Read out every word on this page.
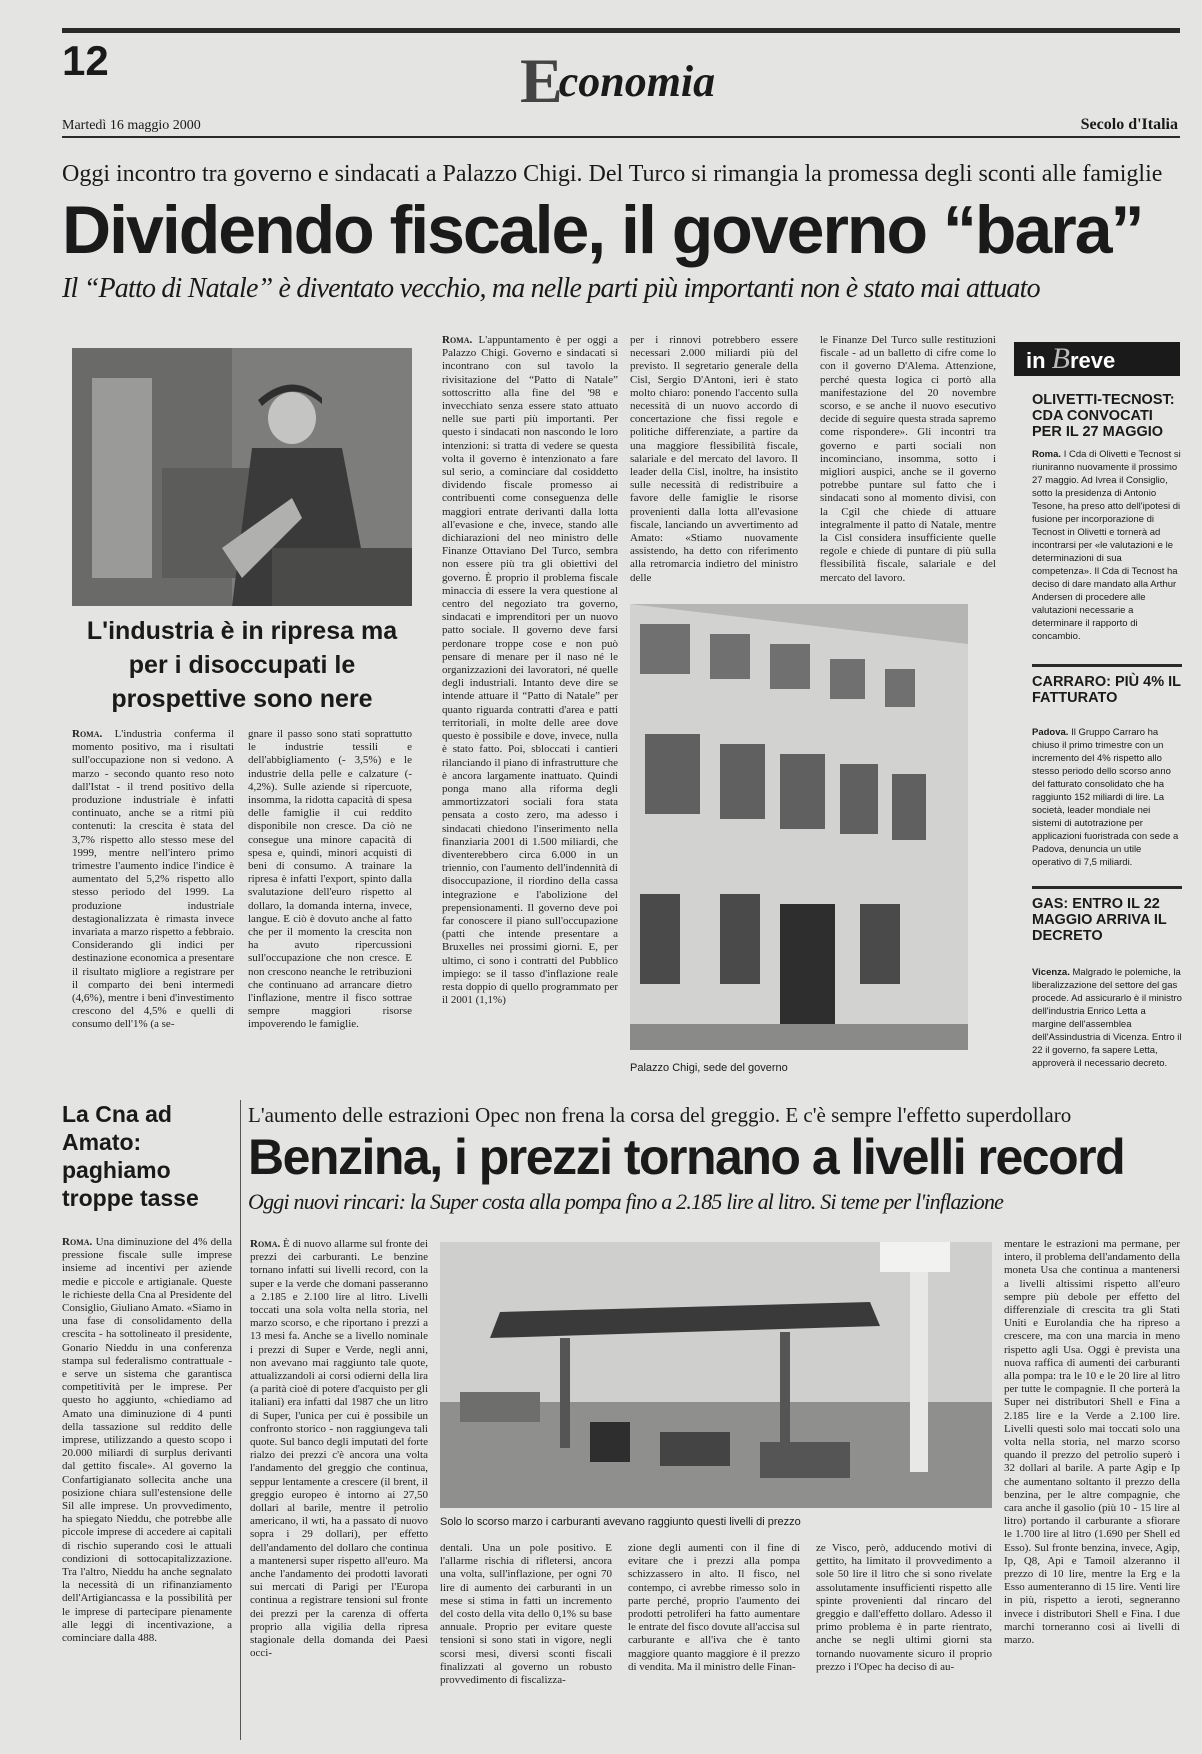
12	Economia
Martedì 16 maggio 2000	Secolo d'Italia
Oggi incontro tra governo e sindacati a Palazzo Chigi. Del Turco si rimangia la promessa degli sconti alle famiglie
Dividendo fiscale, il governo “bara”
Il “Patto di Natale” è diventato vecchio, ma nelle parti più importanti non è stato mai attuato
L'industria è in ripresa ma per i disoccupati le prospettive sono nere
Roma. L'industria conferma il momento positivo, ma i risultati sull'occupazione non si vedono. A marzo - secondo quanto reso noto dall'Istat - il trend positivo della produzione industriale è infatti continuato, anche se a ritmi più contenuti: la crescita è stata del 3,7% rispetto allo stesso mese del 1999, mentre nell'intero primo trimestre l'aumento indice l'indice è aumentato del 5,2% rispetto allo stesso periodo del 1999. La produzione industriale destagionalizzata è rimasta invece invariata a marzo rispetto a febbraio. Considerando gli indici per destinazione economica a presentare il risultato migliore a registrare per il comparto dei beni intermedi (4,6%), mentre i beni d'investimento crescono del 4,5% e quelli di consumo dell'1% (a se-
gnare il passo sono stati soprattutto le industrie tessili e dell'abbigliamento (- 3,5%) e le industrie della pelle e calzature (- 4,2%). Sulle aziende si ripercuote, insomma, la ridotta capacità di spesa delle famiglie il cui reddito disponibile non cresce. Da ciò ne consegue una minore capacità di spesa e, quindi, minori acquisti di beni di consumo. A trainare la ripresa è infatti l'export, spinto dalla svalutazione dell'euro rispetto al dollaro, la domanda interna, invece, langue. E ciò è dovuto anche al fatto che per il momento la crescita non ha avuto ripercussioni sull'occupazione che non cresce. E non crescono neanche le retribuzioni che continuano ad arrancare dietro l'inflazione, mentre il fisco sottrae sempre maggiori risorse impoverendo le famiglie.
Roma. L'appuntamento è per oggi a Palazzo Chigi. Governo e sindacati si incontrano con sul tavolo la rivisitazione del “Patto di Natale” sottoscritto alla fine del '98 e invecchiato senza essere stato attuato nelle sue parti più importanti. Per questo i sindacati non nascondo le loro intenzioni: si tratta di vedere se questa volta il governo è intenzionato a fare sul serio, a cominciare dal cosiddetto dividendo fiscale promesso ai contribuenti come conseguenza delle maggiori entrate derivanti dalla lotta all'evasione e che, invece, stando alle dichiarazioni del neo ministro delle Finanze Ottaviano Del Turco, sembra non essere più tra gli obiettivi del governo. È proprio il problema fiscale minaccia di essere la vera questione al centro del negoziato tra governo, sindacati e imprenditori per un nuovo patto sociale. Il governo deve farsi perdonare troppe cose e non può pensare di menare per il naso né le organizzazioni dei lavoratori, né quelle degli industriali. Intanto deve dire se intende attuare il “Patto di Natale” per quanto riguarda contratti d'area e patti territoriali, in molte delle aree dove questo è possibile e dove, invece, nulla è stato fatto. Poi, sbloccati i cantieri rilanciando il piano di infrastrutture che è ancora largamente inattuato. Quindi ponga mano alla riforma degli ammortizzatori sociali fora stata pensata a costo zero, ma adesso i sindacati chiedono l'inserimento nella finanziaria 2001 di 1.500 miliardi, che diventerebbero circa 6.000 in un triennio, con l'aumento dell'indennità di disoccupazione, il riordino della cassa integrazione e l'abolizione del prepensionamenti. Il governo deve poi far conoscere il piano sull'occupazione (patti che intende presentare a Bruxelles nei prossimi giorni. E, per ultimo, ci sono i contratti del Pubblico impiego: se il tasso d'inflazione reale resta doppio di quello programmato per il 2001 (1,1%)
per i rinnovi potrebbero essere necessari 2.000 miliardi più del previsto. Il segretario generale della Cisl, Sergio D'Antoni, ieri è stato molto chiaro: ponendo l'accento sulla necessità di un nuovo accordo di concertazione che fissi regole e politiche differenziate, a partire da una maggiore flessibilità fiscale, salariale e del mercato del lavoro. Il leader della Cisl, inoltre, ha insistito sulle necessità di redistribuire a favore delle famiglie le risorse provenienti dalla lotta all'evasione fiscale, lanciando un avvertimento ad Amato: «Stiamo nuovamente assistendo, ha detto con riferimento alla retromarcia indietro del ministro delle
le Finanze Del Turco sulle restituzioni fiscale - ad un balletto di cifre come lo con il governo D'Alema. Attenzione, perché questa logica ci portò alla manifestazione del 20 novembre scorso, e se anche il nuovo esecutivo decide di seguire questa strada sapremo come rispondere». Gli incontri tra governo e parti sociali non incominciano, insomma, sotto i migliori auspici, anche se il governo potrebbe puntare sul fatto che i sindacati sono al momento divisi, con la Cgil che chiede di attuare integralmente il patto di Natale, mentre la Cisl considera insufficiente quelle regole e chiede di puntare di più sulla flessibilità fiscale, salariale e del mercato del lavoro.
Palazzo Chigi, sede del governo
in Breve
OLIVETTI-TECNOST: CDA CONVOCATI PER IL 27 MAGGIO
Roma. I Cda di Olivetti e Tecnost si riuniranno nuovamente il prossimo 27 maggio. Ad Ivrea il Consiglio, sotto la presidenza di Antonio Tesone, ha preso atto dell'ipotesi di fusione per incorporazione di Tecnost in Olivetti e tornerà ad incontrarsi per «le valutazioni e le determinazioni di sua competenza». Il Cda di Tecnost ha deciso di dare mandato alla Arthur Andersen di procedere alle valutazioni necessarie a determinare il rapporto di concambio.
CARRARO: PIÙ 4% IL FATTURATO
Padova. Il Gruppo Carraro ha chiuso il primo trimestre con un incremento del 4% rispetto allo stesso periodo dello scorso anno del fatturato consolidato che ha raggiunto 152 miliardi di lire. La società, leader mondiale nei sistemi di autotrazione per applicazioni fuoristrada con sede a Padova, denuncia un utile operativo di 7,5 miliardi.
GAS: ENTRO IL 22 MAGGIO ARRIVA IL DECRETO
Vicenza. Malgrado le polemiche, la liberalizzazione del settore del gas procede. Ad assicurarlo è il ministro dell'industria Enrico Letta a margine dell'assemblea dell'Assindustria di Vicenza. Entro il 22 il governo, fa sapere Letta, approverà il necessario decreto.
La Cna ad Amato: paghiamo troppe tasse
Roma. Una diminuzione del 4% della pressione fiscale sulle imprese insieme ad incentivi per aziende medie e piccole e artigianale. Queste le richieste della Cna al Presidente del Consiglio, Giuliano Amato. «Siamo in una fase di consolidamento della crescita - ha sottolineato il presidente, Gonario Nieddu in una conferenza stampa sul federalismo contrattuale - e serve un sistema che garantisca competitività per le imprese. Per questo ho aggiunto, «chiediamo ad Amato una diminuzione di 4 punti della tassazione sul reddito delle imprese, utilizzando a questo scopo i 20.000 miliardi di surplus derivanti dal gettito fiscale». Al governo la Confartigianato sollecita anche una posizione chiara sull'estensione delle Sil alle imprese. Un provvedimento, ha spiegato Nieddu, che potrebbe alle piccole imprese di accedere ai capitali di rischio superando così le attuali condizioni di sottocapitalizzazione. Tra l'altro, Nieddu ha anche segnalato la necessità di un rifinanziamento dell'Artigiancassa e la possibilità per le imprese di partecipare pienamente alle leggi di incentivazione, a cominciare dalla 488.
L'aumento delle estrazioni Opec non frena la corsa del greggio. E c'è sempre l'effetto superdollaro
Benzina, i prezzi tornano a livelli record
Oggi nuovi rincari: la Super costa alla pompa fino a 2.185 lire al litro. Si teme per l'inflazione
Roma. È di nuovo allarme sul fronte dei prezzi dei carburanti. Le benzine tornano infatti sui livelli record, con la super e la verde che domani passeranno a 2.185 e 2.100 lire al litro. Livelli toccati una sola volta nella storia, nel marzo scorso, e che riportano i prezzi a 13 mesi fa. Anche se a livello nominale i prezzi di Super e Verde, negli anni, non avevano mai raggiunto tale quote, attualizzandoli ai corsi odierni della lira (a parità cioè di potere d'acquisto per gli italiani) era infatti dal 1987 che un litro di Super, l'unica per cui è possibile un confronto storico - non raggiungeva tali quote. Sul banco degli imputati del forte rialzo dei prezzi c'è ancora una volta l'andamento del greggio che continua, seppur lentamente a crescere (il brent, il greggio europeo è intorno ai 27,50 dollari al barile, mentre il petrolio americano, il wti, ha a passato di nuovo sopra i 29 dollari), per effetto dell'andamento del dollaro che continua a mantenersi super rispetto all'euro. Ma anche l'andamento dei prodotti lavorati sui mercati di Parigi per l'Europa continua a registrare tensioni sul fronte dei prezzi per la carenza di offerta proprio alla vigilia della ripresa stagionale della domanda dei Paesi occi-
Solo lo scorso marzo i carburanti avevano raggiunto questi livelli di prezzo
dentali. Una un pole positivo. E l'allarme rischia di rifletersi, ancora una volta, sull'inflazione, per ogni 70 lire di aumento dei carburanti in un mese si stima in fatti un incremento del costo della vita dello 0,1% su base annuale. Proprio per evitare queste tensioni si sono stati in vigore, negli scorsi mesi, diversi sconti fiscali finalizzati al governo un robusto provvedimento di fiscalizza-
zione degli aumenti con il fine di evitare che i prezzi alla pompa schizzassero in alto. Il fisco, nel contempo, ci avrebbe rimesso solo in parte perché, proprio l'aumento dei prodotti petroliferi ha fatto aumentare le entrate del fisco dovute all'accisa sul carburante e all'iva che è tanto maggiore quanto maggiore è il prezzo di vendita. Ma il ministro delle Finan-
ze Visco, però, adducendo motivi di gettito, ha limitato il provvedimento a sole 50 lire il litro che si sono rivelate assolutamente insufficienti rispetto alle spinte provenienti dal rincaro del greggio e dall'effetto dollaro. Adesso il primo problema è in parte rientrato, anche se negli ultimi giorni sta tornando nuovamente sicuro il proprio prezzo i l'Opec ha deciso di au-
mentare le estrazioni ma permane, per intero, il problema dell'andamento della moneta Usa che continua a mantenersi a livelli altissimi rispetto all'euro sempre più debole per effetto del differenziale di crescita tra gli Stati Uniti e Eurolandia che ha ripreso a crescere, ma con una marcia in meno rispetto agli Usa. Oggi è prevista una nuova raffica di aumenti dei carburanti alla pompa: tra le 10 e le 20 lire al litro per tutte le compagnie. Il che porterà la Super nei distributori Shell e Fina a 2.185 lire e la Verde a 2.100 lire. Livelli questi solo mai toccati solo una volta nella storia, nel marzo scorso quando il prezzo del petrolio superò i 32 dollari al barile. A parte Agip e Ip che aumentano soltanto il prezzo della benzina, per le altre compagnie, che cara anche il gasolio (più 10 - 15 lire al litro) portando il carburante a sfiorare le 1.700 lire al litro (1.690 per Shell ed Esso). Sul fronte benzina, invece, Agip, Ip, Q8, Api e Tamoil alzeranno il prezzo di 10 lire, mentre la Erg e la Esso aumenteranno di 15 lire. Venti lire in più, rispetto a ieroti, segneranno invece i distributori Shell e Fina. I due marchi torneranno così ai livelli di marzo.
